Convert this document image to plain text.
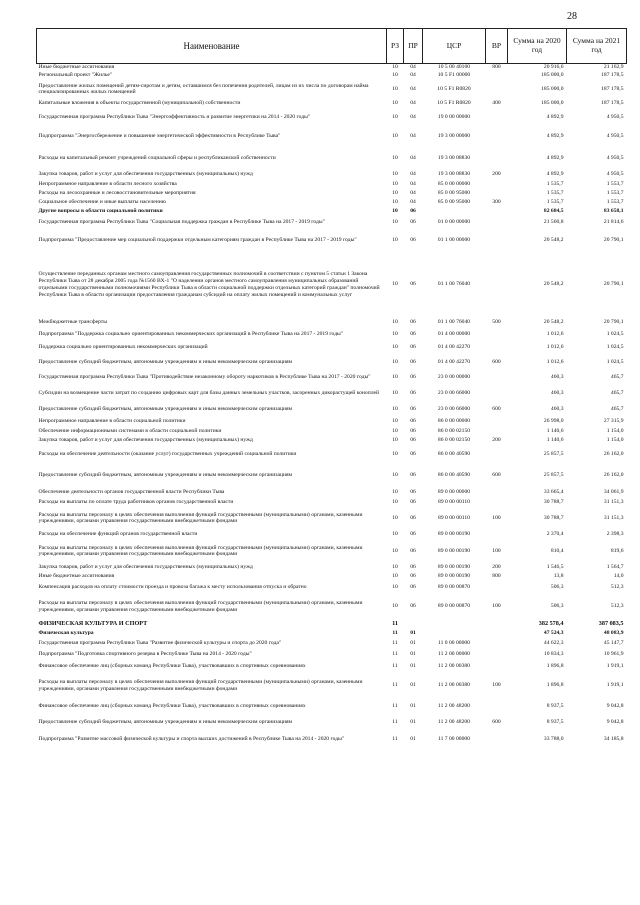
28
Наименование	РЗ	ПР	ЦСР	ВР	Сумма на 2020 год	Сумма на 2021 год
Иные бюджетные ассигнования	10	04	10 5 00 40100	800	20 916,6	21 162,9
Региональный проект "Жилье"	10	04	10 5 F1 00000		185 000,0	187 178,5
Предоставление жилых помещений детям-сиротам и детям, оставшимся без попечения родителей, лицам из их числа по договорам найма специализированных жилых помещений	10	04	10 5 F1 R0820		185 000,0	187 178,5
Капитальные вложения в объекты государственной (муниципальной) собственности	10	04	10 5 F1 R0820	400	185 000,0	187 178,5
Государственная программа Республики Тыва "Энергоэффективность и развитие энергетики на 2014 - 2020 годы"	10	04	19 0 00 00000		4 892,9	4 950,5
Подпрограмма "Энергосбережение и повышение энергетической эффективности в Республике Тыва"	10	04	19 3 00 00000		4 892,9	4 950,5
Расходы на капитальный ремонт учреждений социальной сферы и республиканской собственности	10	04	19 3 00 08830		4 892,9	4 950,5
Закупка товаров, работ и услуг для обеспечения государственных (муниципальных) нужд	10	04	19 3 00 08830	200	4 892,9	4 950,5
Непрограммное направление в области лесного хозяйства	10	04	85 0 00 00000		1 535,7	1 553,7
Расходы на лесоохранные и лесовосстановительные мероприятия	10	04	85 0 00 95000		1 535,7	1 553,7
Социальное обеспечение и иные выплаты населению	10	04	85 0 00 95000	300	1 535,7	1 553,7
Другие вопросы в области социальной политики	10	06			82 684,5	83 658,1
Государственная программа Республики Тыва "Социальная поддержка граждан в Республике Тыва на 2017 - 2019 годы"	10	06	01 0 00 00000		21 560,8	21 814,6
Подпрограмма "Предоставление мер социальной поддержки отдельным категориям граждан в Республике Тыва на 2017 - 2019 годы"	10	06	01 1 00 00000		20 548,2	20 790,1
Осуществление переданных органам местного самоуправления государственных полномочий в соответствии с пунктом 5 статьи 1 Закона Республики Тыва от 28 декабря 2005 года №1560 ВХ-1 "О наделении органов местного самоуправления муниципальных образований отдельными государственными полномочиями Республики Тыва в области социальной поддержки отдельных категорий граждан" полномочий Республики Тыва в области организации предоставления гражданам субсидий на оплату жилых помещений и коммунальных услуг	10	06	01 1 00 76040		20 548,2	20 790,1
Межбюджетные трансферты	10	06	01 1 00 76040	500	20 548,2	20 790,1
Подпрограмма "Поддержка социально ориентированных некоммерческих организаций в Республике Тыва на 2017 - 2019 годы"	10	06	01 4 00 00000		1 012,6	1 024,5
Поддержка социально ориентированных некоммерческих организаций	10	06	01 4 00 42270		1 012,6	1 024,5
Предоставление субсидий бюджетным, автономным учреждениям и иным некоммерческим организациям	10	06	01 4 00 42270	600	1 012,6	1 024,5
Государственная программа Республики Тыва "Противодействие незаконному обороту наркотиков в Республике Тыва на 2017 - 2020 годы"	10	06	23 0 00 00000		460,3	465,7
Субсидии на возмещение части затрат по созданию цифровых карт для базы данных земельных участков, засоренных дикорастущей коноплей	10	06	23 0 00 66000		460,3	465,7
Предоставление субсидий бюджетным, автономным учреждениям и иным некоммерческим организациям	10	06	23 0 00 66000	600	460,3	465,7
Непрограммное направление в области социальной политики	10	06	86 0 00 00000		26 998,0	27 315,9
Обеспечение информационными системами в области социальной политики	10	06	86 0 00 02150		1 140,6	1 154,0
Закупка товаров, работ и услуг для обеспечения государственных (муниципальных) нужд	10	06	86 0 00 02150	200	1 140,6	1 154,0
Расходы на обеспечение деятельности (оказание услуг) государственных учреждений социальной политики	10	06	86 0 00 40590		25 857,5	26 162,0
Предоставление субсидий бюджетным, автономным учреждениям и иным некоммерческим организациям	10	06	86 0 00 40590	600	25 857,5	26 162,0
Обеспечение деятельности органов государственной власти Республики Тыва	10	06	89 0 00 00000		33 665,4	34 061,9
Расходы на выплаты по оплате труда работников органов государственной власти	10	06	89 0 00 00110		30 788,7	31 151,3
Расходы на выплаты персоналу в целях обеспечения выполнения функций государственными (муниципальными) органами, казенными учреждениями, органами управления государственными внебюджетными фондами	10	06	89 0 00 00110	100	30 788,7	31 151,3
Расходы на обеспечение функций органов государственной власти	10	06	89 0 00 00190		2 370,4	2 398,3
Расходы на выплаты персоналу в целях обеспечения выполнения функций государственными (муниципальными) органами, казенными учреждениями, органами управления государственными внебюджетными фондами	10	06	89 0 00 00190	100	810,4	819,6
Закупка товаров, работ и услуг для обеспечения государственных (муниципальных) нужд	10	06	89 0 00 00190	200	1 546,5	1 564,7
Иные бюджетные ассигнования	10	06	89 0 00 00190	800	13,8	14,0
Компенсация расходов на оплату стоимости проезда и провоза багажа к месту использования отпуска и обратно	10	06	89 0 00 00870		506,3	512,3
Расходы на выплаты персоналу в целях обеспечения выполнения функций государственными (муниципальными) органами, казенными учреждениями, органами управления государственными внебюджетными фондами	10	06	89 0 00 00870	100	506,3	512,3
ФИЗИЧЕСКАЯ КУЛЬТУРА И СПОРТ	11				382 578,4	387 083,5
Физическая культура	11	01			47 524,3	48 083,9
Государственная программа Республики Тыва "Развитие физической культуры и спорта до 2020 года"	11	01	11 0 00 00000		44 622,3	45 147,7
Подпрограмма "Подготовка спортивного резерва в Республике Тыва на 2014 - 2020 годы"	11	01	11 2 00 00000		10 834,3	10 961,9
Финансовое обеспечение лиц (сборных команд Республики Тыва), участвовавших в спортивных соревнованиях	11	01	11 2 00 00380		1 896,8	1 919,1
Расходы на выплаты персоналу в целях обеспечения выполнения функций государственными (муниципальными) органами, казенными учреждениями, органами управления государственными внебюджетными фондами	11	01	11 2 00 00380	100	1 896,8	1 919,1
Финансовое обеспечение лиц (сборных команд Республики Тыва), участвовавших в спортивных соревнованиях	11	01	11 2 00 48200		8 937,5	9 042,8
Предоставление субсидий бюджетным, автономным учреждениям и иным некоммерческим организациям	11	01	11 2 00 48200	600	8 937,5	9 042,8
Подпрограмма "Развитие массовой физической культуры и спорта высших достижений в Республике Тыва на 2014 - 2020 годы"	11	01	11 7 00 00000		33 788,0	34 185,8
